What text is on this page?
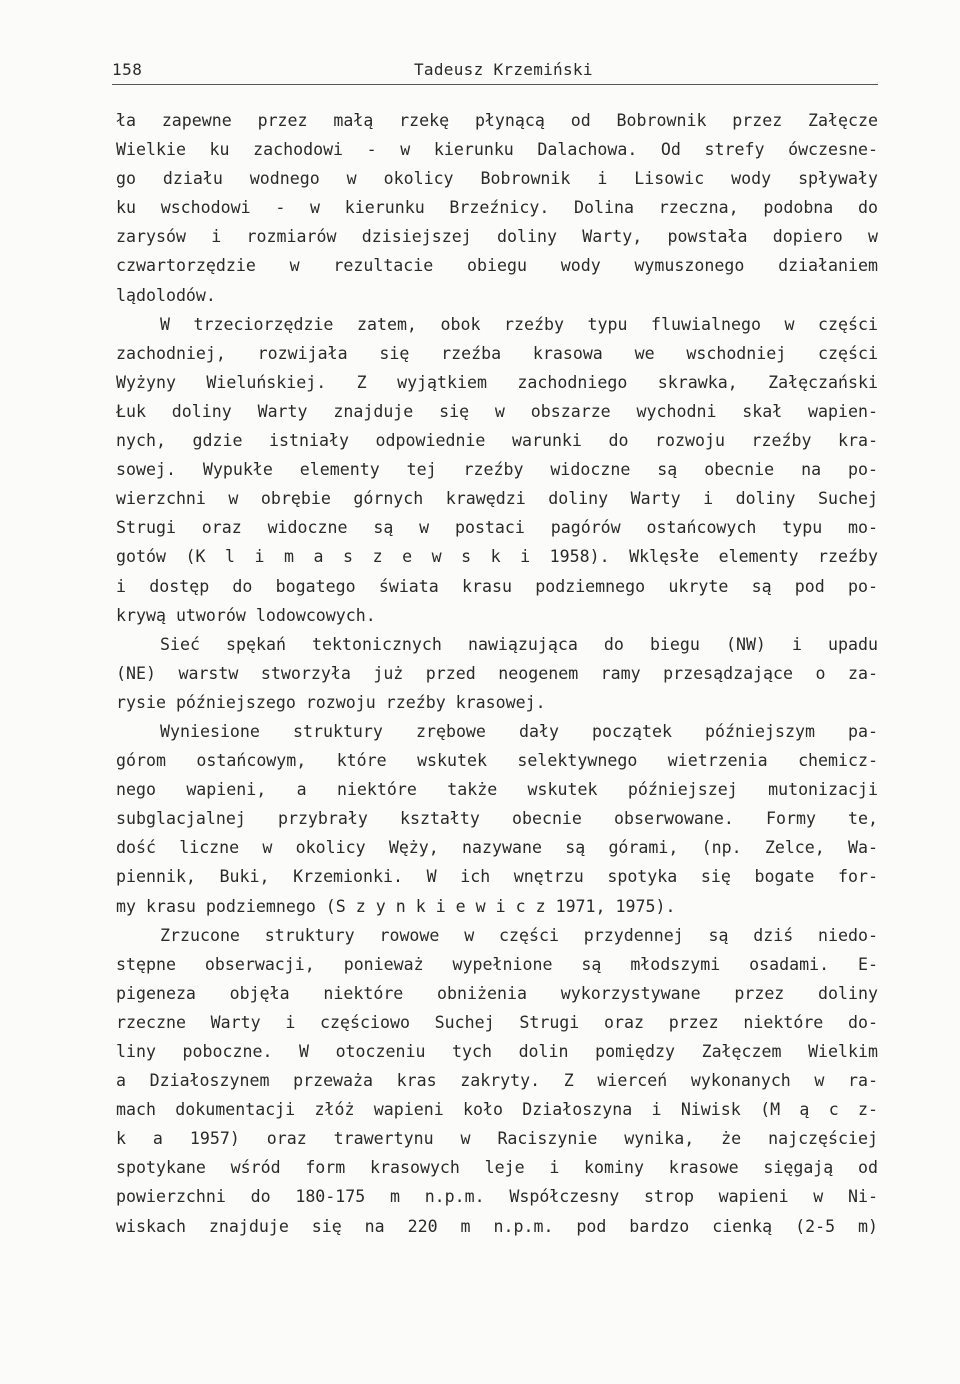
158	Tadeusz Krzemiński
ła zapewne przez małą rzekę płynącą od Bobrownik przez Załęcze
Wielkie ku zachodowi - w kierunku Dalachowa. Od strefy ówczesne-
go działu wodnego w okolicy Bobrownik i Lisowic wody spływały
ku wschodowi - w kierunku Brzeźnicy. Dolina rzeczna, podobna do
zarysów i rozmiarów dzisiejszej doliny Warty, powstała dopiero w
czwartorzędzie w rezultacie obiegu wody wymuszonego działaniem
lądolodów.
W trzeciorzędzie zatem, obok rzeźby typu fluwialnego w części
zachodniej, rozwijała się rzeźba krasowa we wschodniej części
Wyżyny Wieluńskiej. Z wyjątkiem zachodniego skrawka, Załęczański
Łuk doliny Warty znajduje się w obszarze wychodni skał wapien-
nych, gdzie istniały odpowiednie warunki do rozwoju rzeźby kra-
sowej. Wypukłe elementy tej rzeźby widoczne są obecnie na po-
wierzchni w obrębie górnych krawędzi doliny Warty i doliny Suchej
Strugi oraz widoczne są w postaci pagórów ostańcowych typu mo-
gotów (K l i m a s z e w s k i 1958). Wklęsłe elementy rzeźby
i dostęp do bogatego świata krasu podziemnego ukryte są pod po-
krywą utworów lodowcowych.
Sieć spękań tektonicznych nawiązująca do biegu (NW) i upadu
(NE) warstw stworzyła już przed neogenem ramy przesądzające o za-
rysie późniejszego rozwoju rzeźby krasowej.
Wyniesione struktury zrębowe dały początek późniejszym pa-
górom ostańcowym, które wskutek selektywnego wietrzenia chemicz-
nego wapieni, a niektóre także wskutek późniejszej mutonizacji
subglacjalnej przybrały kształty obecnie obserwowane. Formy te,
dość liczne w okolicy Węży, nazywane są górami, (np. Zelce, Wa-
piennik, Buki, Krzemionki. W ich wnętrzu spotyka się bogate for-
my krasu podziemnego (S z y n k i e w i c z 1971, 1975).
Zrzucone struktury rowowe w części przydennej są dziś niedo-
stępne obserwacji, ponieważ wypełnione są młodszymi osadami. E-
pigeneza objęła niektóre obniżenia wykorzystywane przez doliny
rzeczne Warty i częściowo Suchej Strugi oraz przez niektóre do-
liny poboczne. W otoczeniu tych dolin pomiędzy Załęczem Wielkim
a Działoszynem przeważa kras zakryty. Z wierceń wykonanych w ra-
mach dokumentacji złóż wapieni koło Działoszyna i Niwisk (M ą c z-
k a 1957) oraz trawertynu w Raciszynie wynika, że najczęściej
spotykane wśród form krasowych leje i kominy krasowe sięgają od
powierzchni do 180-175 m n.p.m. Współczesny strop wapieni w Ni-
wiskach znajduje się na 220 m n.p.m. pod bardzo cienką (2-5 m)
